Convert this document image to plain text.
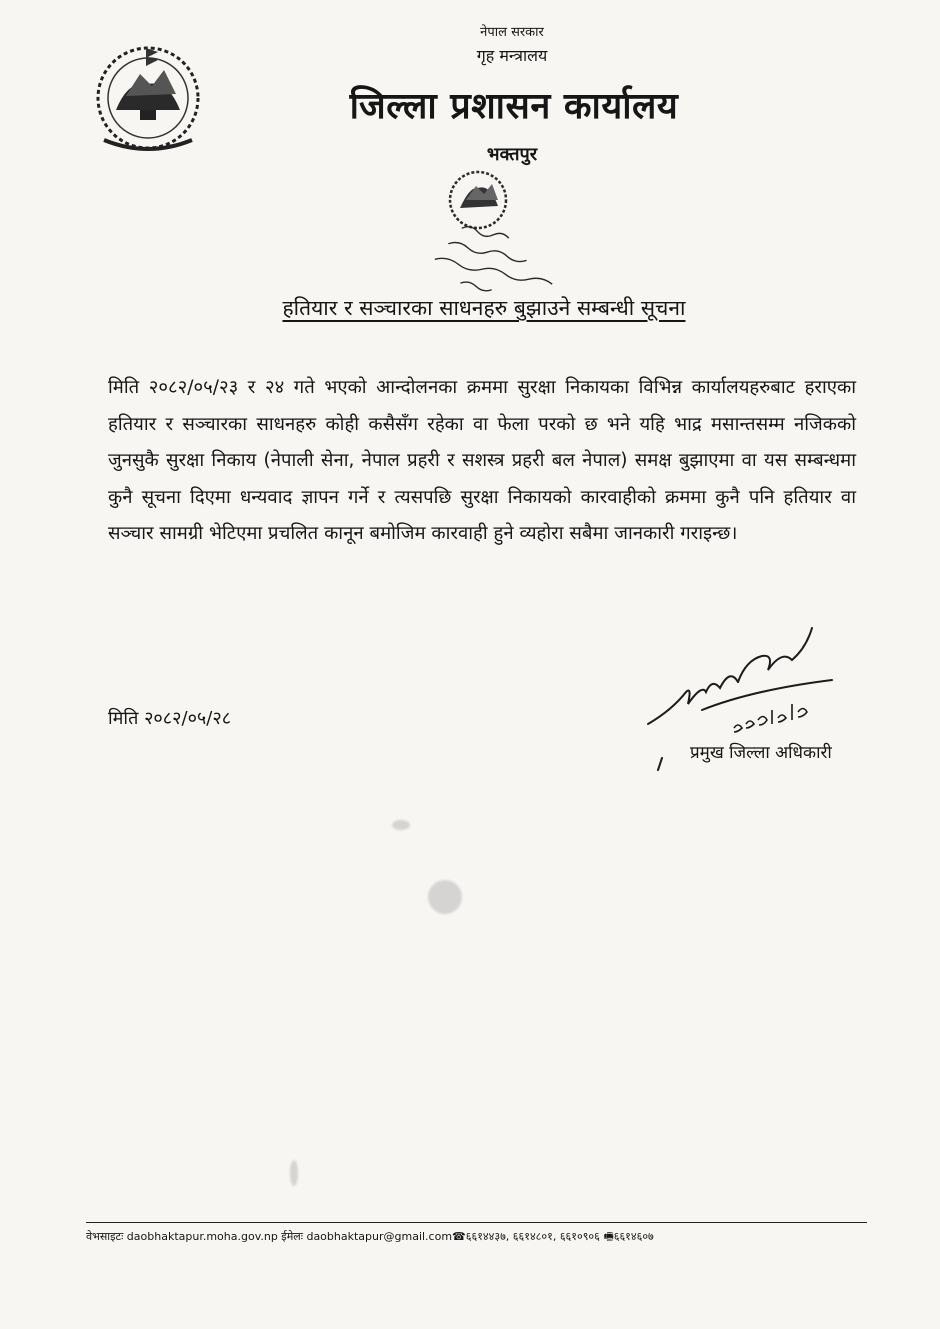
नेपाल सरकार
गृह मन्त्रालय
जिल्ला प्रशासन कार्यालय
भक्तपुर
हतियार र सञ्चारका साधनहरु बुझाउने सम्बन्धी सूचना
मिति २०८२/०५/२३ र २४ गते भएको आन्दोलनका क्रममा सुरक्षा निकायका विभिन्न कार्यालयहरुबाट हराएका हतियार र सञ्चारका साधनहरु कोही कसैसँग रहेका वा फेला परको छ भने यहि भाद्र मसान्तसम्म नजिकको जुनसुकै सुरक्षा निकाय (नेपाली सेना, नेपाल प्रहरी र सशस्त्र प्रहरी बल नेपाल) समक्ष बुझाएमा वा यस सम्बन्धमा कुनै सूचना दिएमा धन्यवाद ज्ञापन गर्ने र त्यसपछि सुरक्षा निकायको कारवाहीको क्रममा कुनै पनि हतियार वा सञ्चार सामग्री भेटिएमा प्रचलित कानून बमोजिम कारवाही हुने व्यहोरा सबैमा जानकारी गराइन्छ।
मिति २०८२/०५/२८
प्रमुख जिल्ला अधिकारी
वेभसाइटः daobhaktapur.moha.gov.np ईमेलः daobhaktapur@gmail.com☎६६१४४३७, ६६१४८०१, ६६१०९०६ 🖷६६१४६०७
